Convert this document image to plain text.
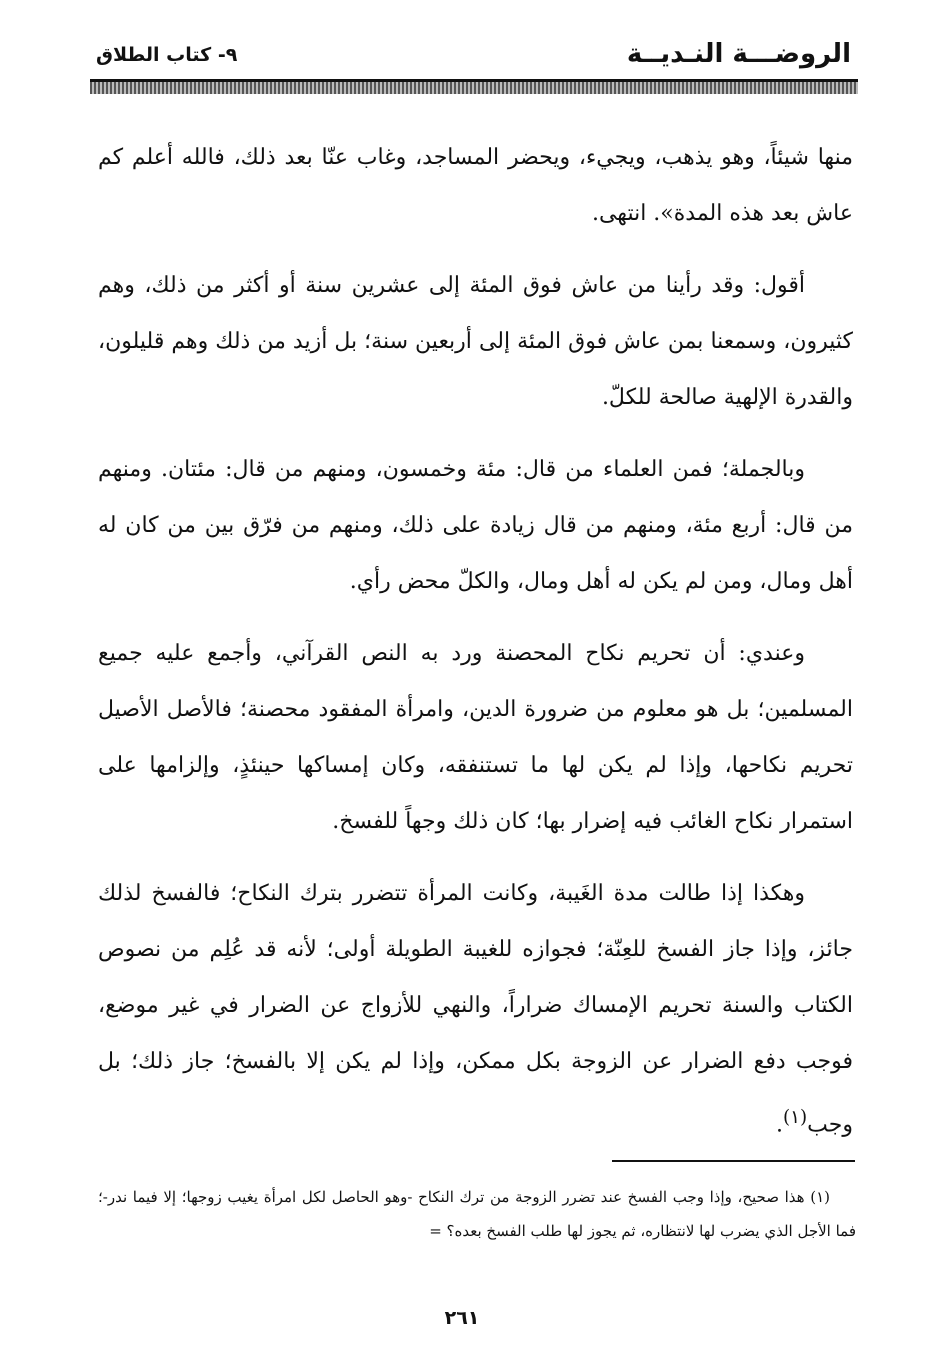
الروضـــة النـديــة
٩- كتاب الطلاق

منها شيئاً، وهو يذهب، ويجيء، ويحضر المساجد، وغاب عنّا بعد ذلك، فالله أعلم كم عاش بعد هذه المدة». انتهى.

أقول: وقد رأينا من عاش فوق المئة إلى عشرين سنة أو أكثر من ذلك، وهم كثيرون، وسمعنا بمن عاش فوق المئة إلى أربعين سنة؛ بل أزيد من ذلك وهم قليلون، والقدرة الإلهية صالحة للكلّ.

وبالجملة؛ فمن العلماء من قال: مئة وخمسون، ومنهم من قال: مئتان. ومنهم من قال: أربع مئة، ومنهم من قال زيادة على ذلك، ومنهم من فرّق بين من كان له أهل ومال، ومن لم يكن له أهل ومال، والكلّ محض رأي.

وعندي: أن تحريم نكاح المحصنة ورد به النص القرآني، وأجمع عليه جميع المسلمين؛ بل هو معلوم من ضرورة الدين، وامرأة المفقود محصنة؛ فالأصل الأصيل تحريم نكاحها، وإذا لم يكن لها ما تستنفقه، وكان إمساكها حينئذٍ، وإلزامها على استمرار نكاح الغائب فيه إضرار بها؛ كان ذلك وجهاً للفسخ.

وهكذا إذا طالت مدة الغَيبة، وكانت المرأة تتضرر بترك النكاح؛ فالفسخ لذلك جائز، وإذا جاز الفسخ للعِنّة؛ فجوازه للغيبة الطويلة أولى؛ لأنه قد عُلِم من نصوص الكتاب والسنة تحريم الإمساك ضراراً، والنهي للأزواج عن الضرار في غير موضع، فوجب دفع الضرار عن الزوجة بكل ممكن، وإذا لم يكن إلا بالفسخ؛ جاز ذلك؛ بل وجب$^{(١)}$.

(١) هذا صحيح، وإذا وجب الفسخ عند تضرر الزوجة من ترك النكاح -وهو الحاصل لكل امرأة يغيب زوجها؛ إلا فيما ندر-؛ فما الأجل الذي يضرب لها لانتظاره، ثم يجوز لها طلب الفسخ بعده؟ =

٢٦١
